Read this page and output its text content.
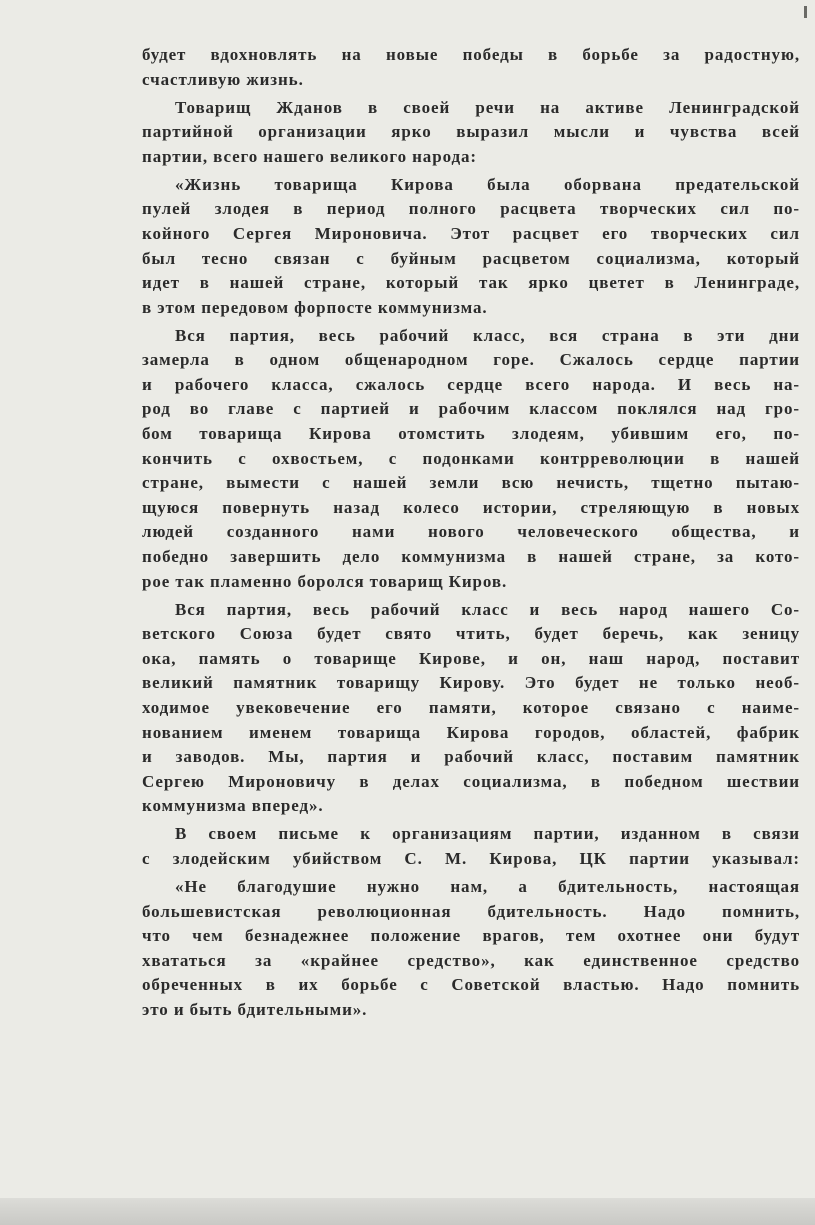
будет вдохновлять на новые победы в борьбе за радостную,
счастливую жизнь.
Товарищ Жданов в своей речи на активе Ленинградской
партийной организации ярко выразил мысли и чувства всей
партии, всего нашего великого народа:
«Жизнь товарища Кирова была оборвана предательской
пулей злодея в период полного расцвета творческих сил по-
койного Сергея Мироновича. Этот расцвет его творческих сил
был тесно связан с буйным расцветом социализма, который
идет в нашей стране, который так ярко цветет в Ленинграде,
в этом передовом форпосте коммунизма.
Вся партия, весь рабочий класс, вся страна в эти дни
замерла в одном общенародном горе. Сжалось сердце партии
и рабочего класса, сжалось сердце всего народа. И весь на-
род во главе с партией и рабочим классом поклялся над гро-
бом товарища Кирова отомстить злодеям, убившим его, по-
кончить с охвостьем, с подонками контрреволюции в нашей
стране, вымести с нашей земли всю нечисть, тщетно пытаю-
щуюся повернуть назад колесо истории, стреляющую в новых
людей созданного нами нового человеческого общества, и
победно завершить дело коммунизма в нашей стране, за кото-
рое так пламенно боролся товарищ Киров.
Вся партия, весь рабочий класс и весь народ нашего Со-
ветского Союза будет свято чтить, будет беречь, как зеницу
ока, память о товарище Кирове, и он, наш народ, поставит
великий памятник товарищу Кирову. Это будет не только необ-
ходимое увековечение его памяти, которое связано с наиме-
нованием именем товарища Кирова городов, областей, фабрик
и заводов. Мы, партия и рабочий класс, поставим памятник
Сергею Мироновичу в делах социализма, в победном шествии
коммунизма вперед».
В своем письме к организациям партии, изданном в связи
с злодейским убийством С. М. Кирова, ЦК партии указывал:
«Не благодушие нужно нам, а бдительность, настоящая
большевистская революционная бдительность. Надо помнить,
что чем безнадежнее положение врагов, тем охотнее они будут
хвататься за «крайнее средство», как единственное средство
обреченных в их борьбе с Советской властью. Надо помнить
это и быть бдительными».
